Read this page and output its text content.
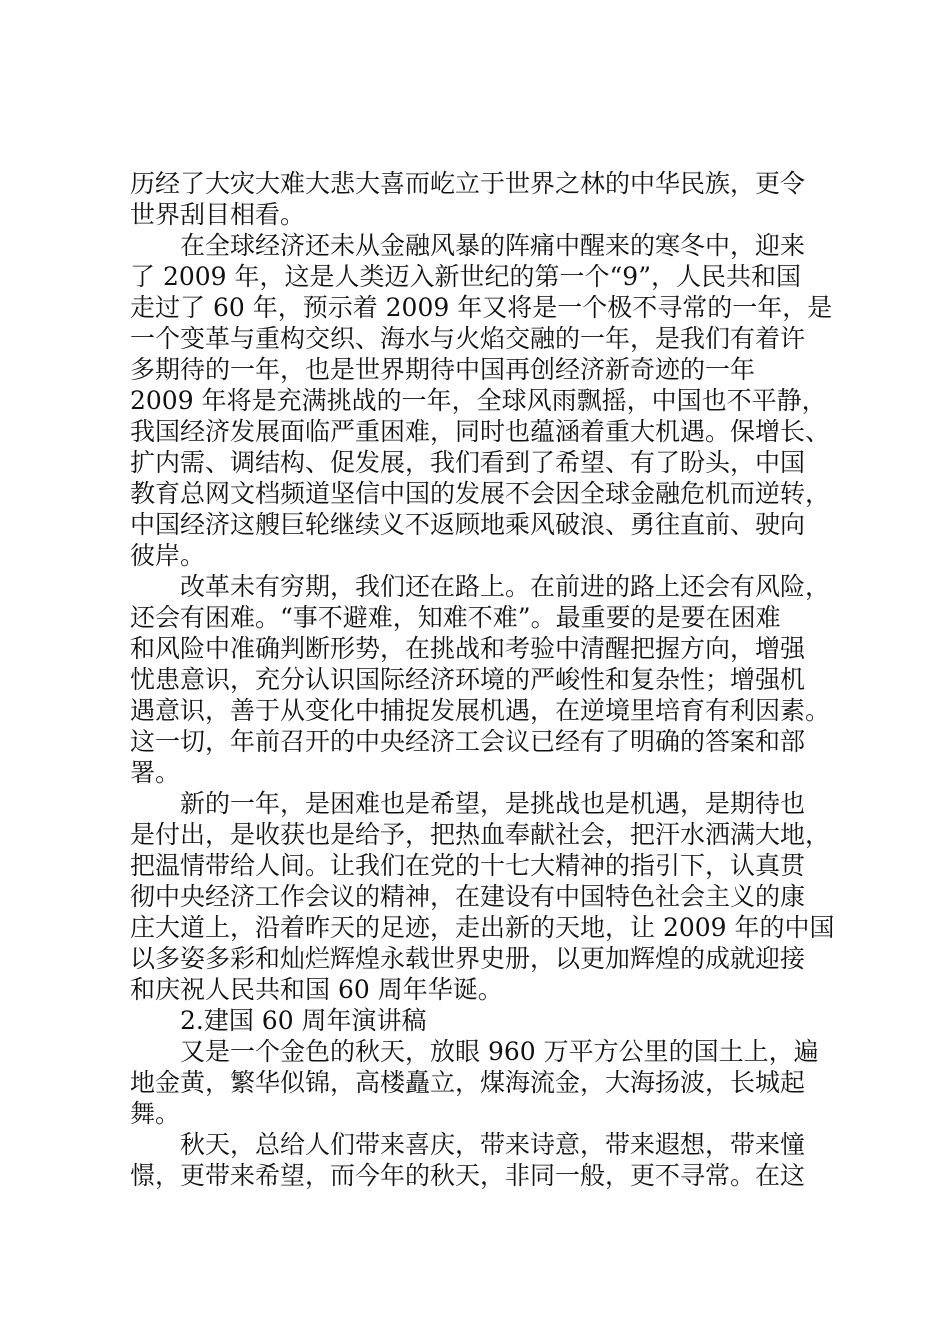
历经了大灾大难大悲大喜而屹立于世界之林的中华民族，更令
世界刮目相看。

在全球经济还未从金融风暴的阵痛中醒来的寒冬中，迎来
了 2009 年，这是人类迈入新世纪的第一个“9”，人民共和国
走过了 60 年，预示着 2009 年又将是一个极不寻常的一年，是
一个变革与重构交织、海水与火焰交融的一年，是我们有着许
多期待的一年，也是世界期待中国再创经济新奇迹的一年
2009 年将是充满挑战的一年，全球风雨飘摇，中国也不平静，
我国经济发展面临严重困难，同时也蕴涵着重大机遇。保增长、
扩内需、调结构、促发展，我们看到了希望、有了盼头，中国
教育总网文档频道坚信中国的发展不会因全球金融危机而逆转，
中国经济这艘巨轮继续义不返顾地乘风破浪、勇往直前、驶向
彼岸。

改革未有穷期，我们还在路上。在前进的路上还会有风险，
还会有困难。“事不避难，知难不难”。最重要的是要在困难
和风险中准确判断形势，在挑战和考验中清醒把握方向，增强
忧患意识，充分认识国际经济环境的严峻性和复杂性；增强机
遇意识，善于从变化中捕捉发展机遇，在逆境里培育有利因素。
这一切，年前召开的中央经济工会议已经有了明确的答案和部
署。

新的一年，是困难也是希望，是挑战也是机遇，是期待也
是付出，是收获也是给予，把热血奉献社会，把汗水洒满大地，
把温情带给人间。让我们在党的十七大精神的指引下，认真贯
彻中央经济工作会议的精神，在建设有中国特色社会主义的康
庄大道上，沿着昨天的足迹，走出新的天地，让 2009 年的中国
以多姿多彩和灿烂辉煌永载世界史册，以更加辉煌的成就迎接
和庆祝人民共和国 60 周年华诞。

2.建国 60 周年演讲稿

又是一个金色的秋天，放眼 960 万平方公里的国土上，遍
地金黄，繁华似锦，高楼矗立，煤海流金，大海扬波，长城起
舞。

秋天，总给人们带来喜庆，带来诗意，带来遐想，带来憧
憬，更带来希望，而今年的秋天，非同一般，更不寻常。在这
